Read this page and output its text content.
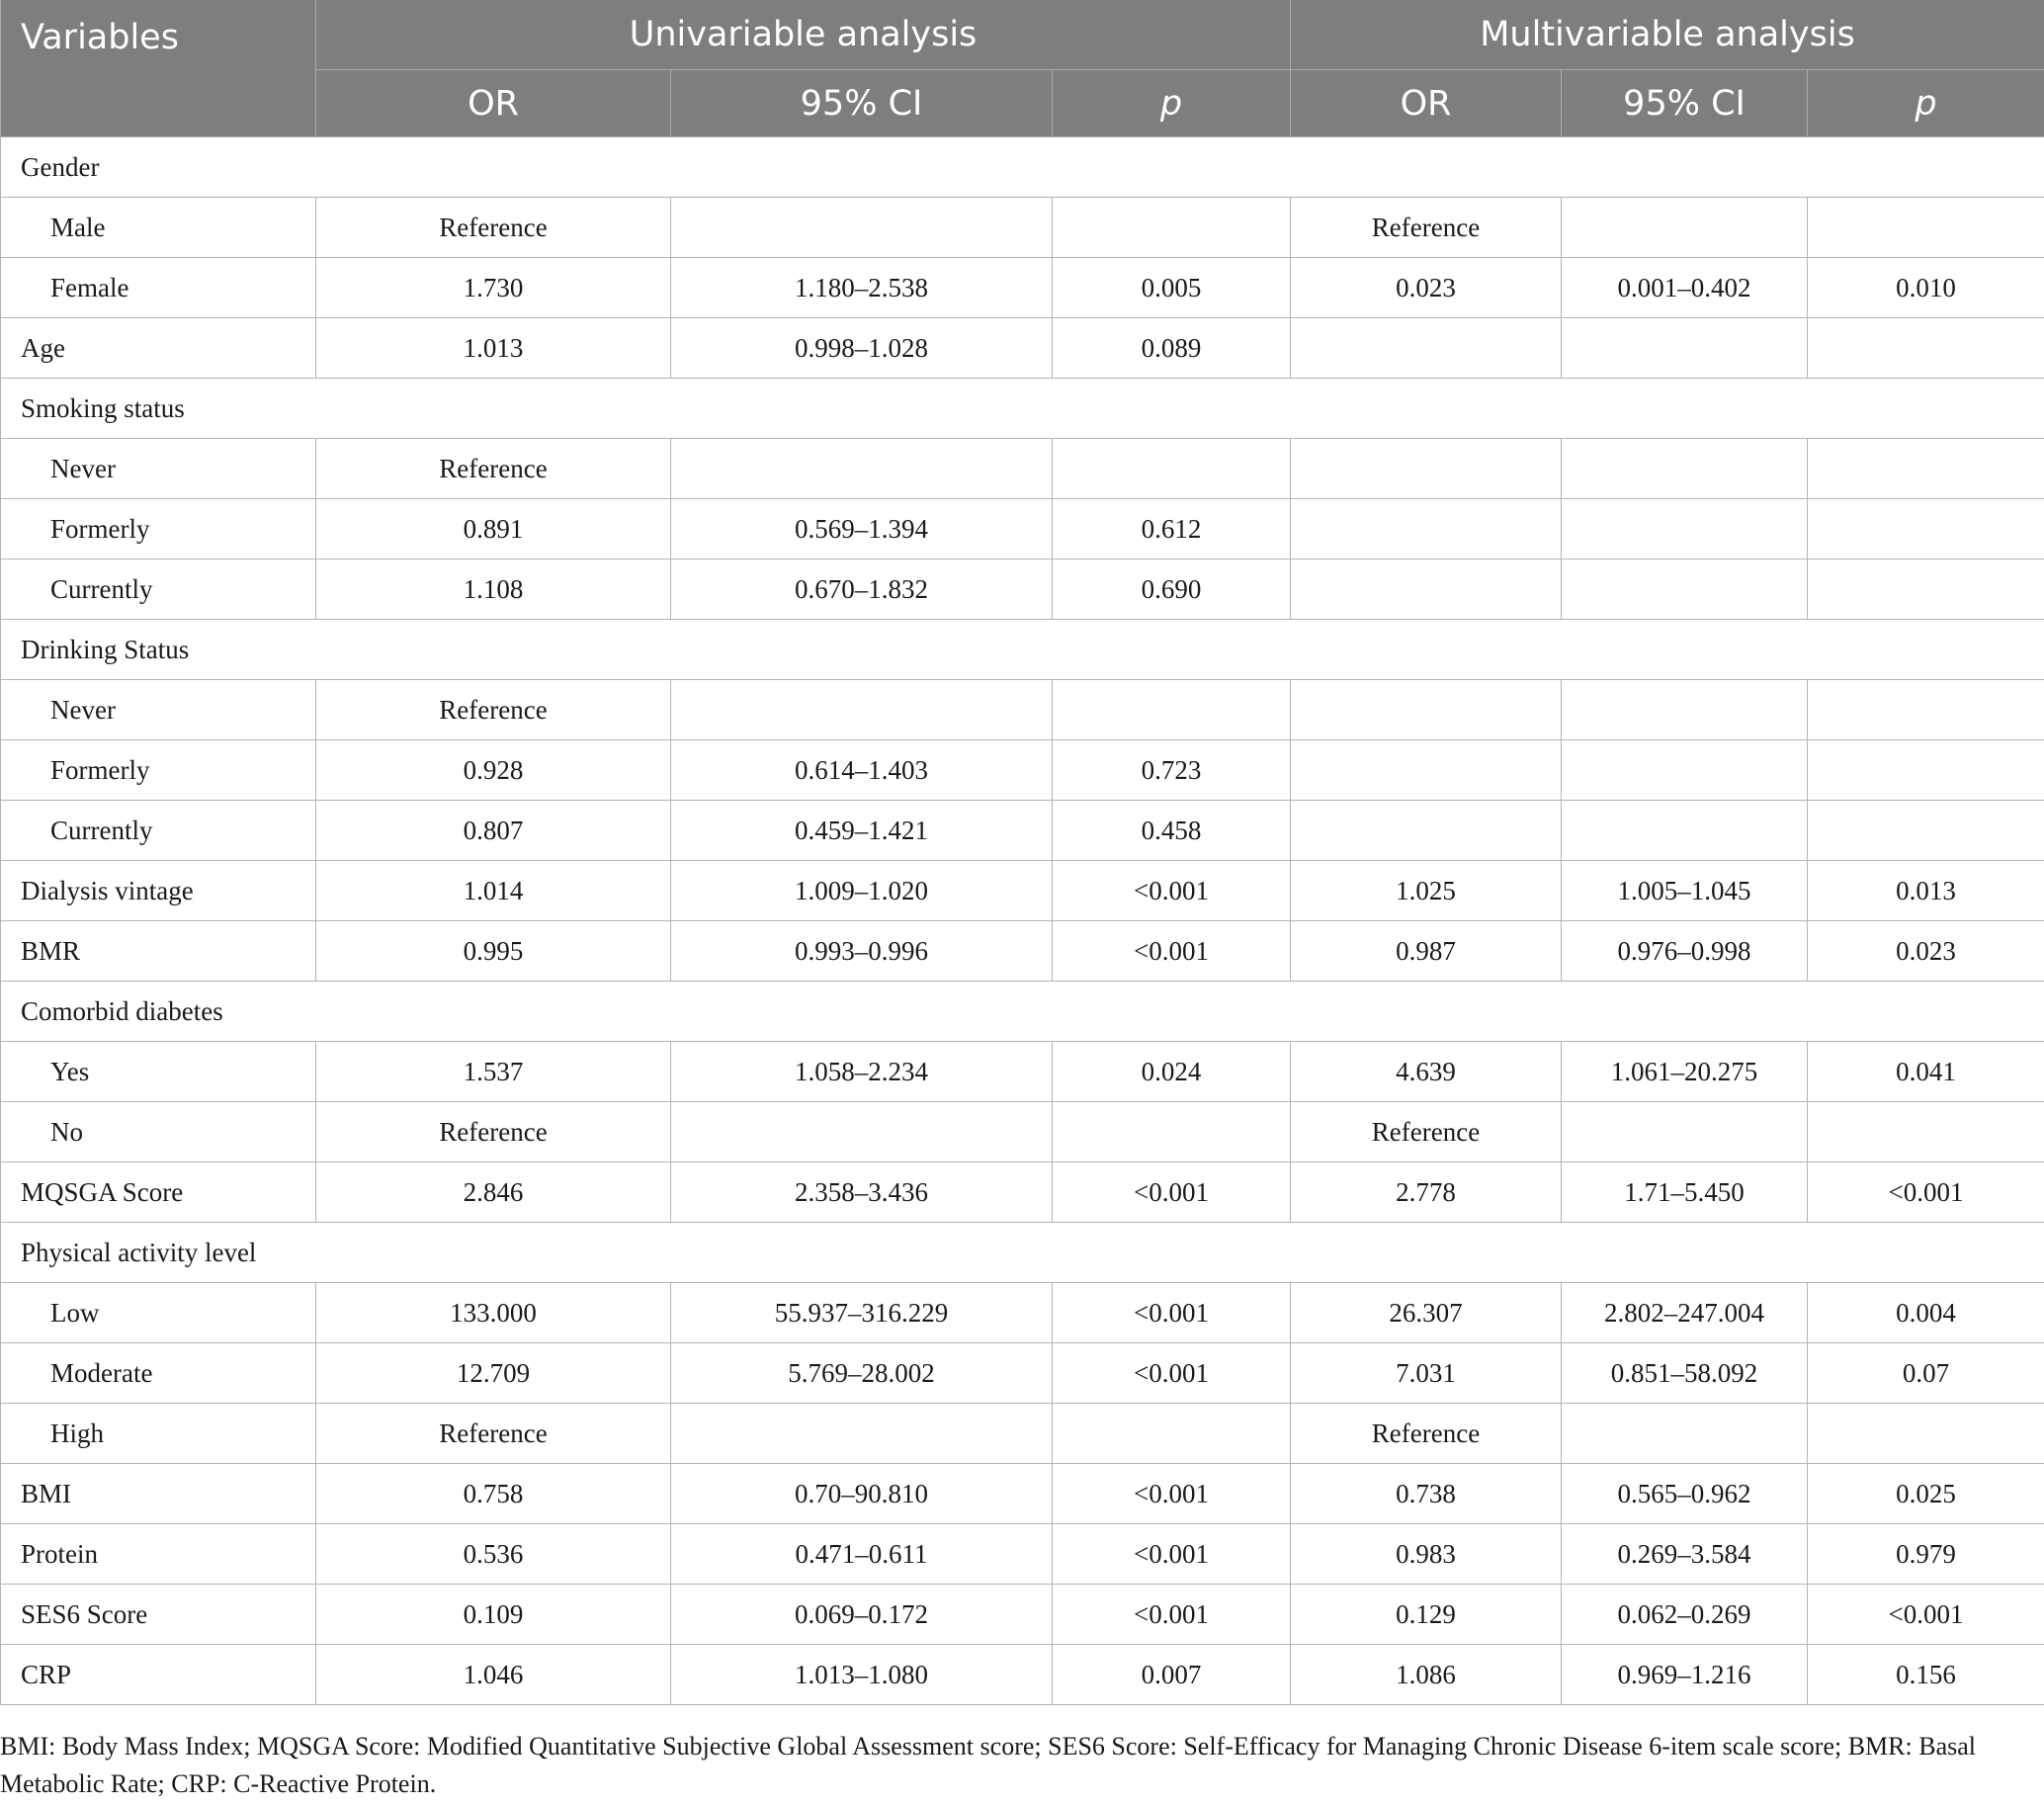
Variables	Univariable analysis			Multivariable analysis		
	OR	95% CI	p	OR	95% CI	p
Gender						
Male	Reference			Reference		
Female	1.730	1.180–2.538	0.005	0.023	0.001–0.402	0.010
Age	1.013	0.998–1.028	0.089			
Smoking status						
Never	Reference					
Formerly	0.891	0.569–1.394	0.612			
Currently	1.108	0.670–1.832	0.690			
Drinking Status						
Never	Reference					
Formerly	0.928	0.614–1.403	0.723			
Currently	0.807	0.459–1.421	0.458			
Dialysis vintage	1.014	1.009–1.020	<0.001	1.025	1.005–1.045	0.013
BMR	0.995	0.993–0.996	<0.001	0.987	0.976–0.998	0.023
Comorbid diabetes						
Yes	1.537	1.058–2.234	0.024	4.639	1.061–20.275	0.041
No	Reference			Reference		
MQSGA Score	2.846	2.358–3.436	<0.001	2.778	1.71–5.450	<0.001
Physical activity level						
Low	133.000	55.937–316.229	<0.001	26.307	2.802–247.004	0.004
Moderate	12.709	5.769–28.002	<0.001	7.031	0.851–58.092	0.07
High	Reference			Reference		
BMI	0.758	0.70–90.810	<0.001	0.738	0.565–0.962	0.025
Protein	0.536	0.471–0.611	<0.001	0.983	0.269–3.584	0.979
SES6 Score	0.109	0.069–0.172	<0.001	0.129	0.062–0.269	<0.001
CRP	1.046	1.013–1.080	0.007	1.086	0.969–1.216	0.156
BMI: Body Mass Index; MQSGA Score: Modified Quantitative Subjective Global Assessment score; SES6 Score: Self-Efficacy for Managing Chronic Disease 6-item scale score; BMR: Basal Metabolic Rate; CRP: C-Reactive Protein.
